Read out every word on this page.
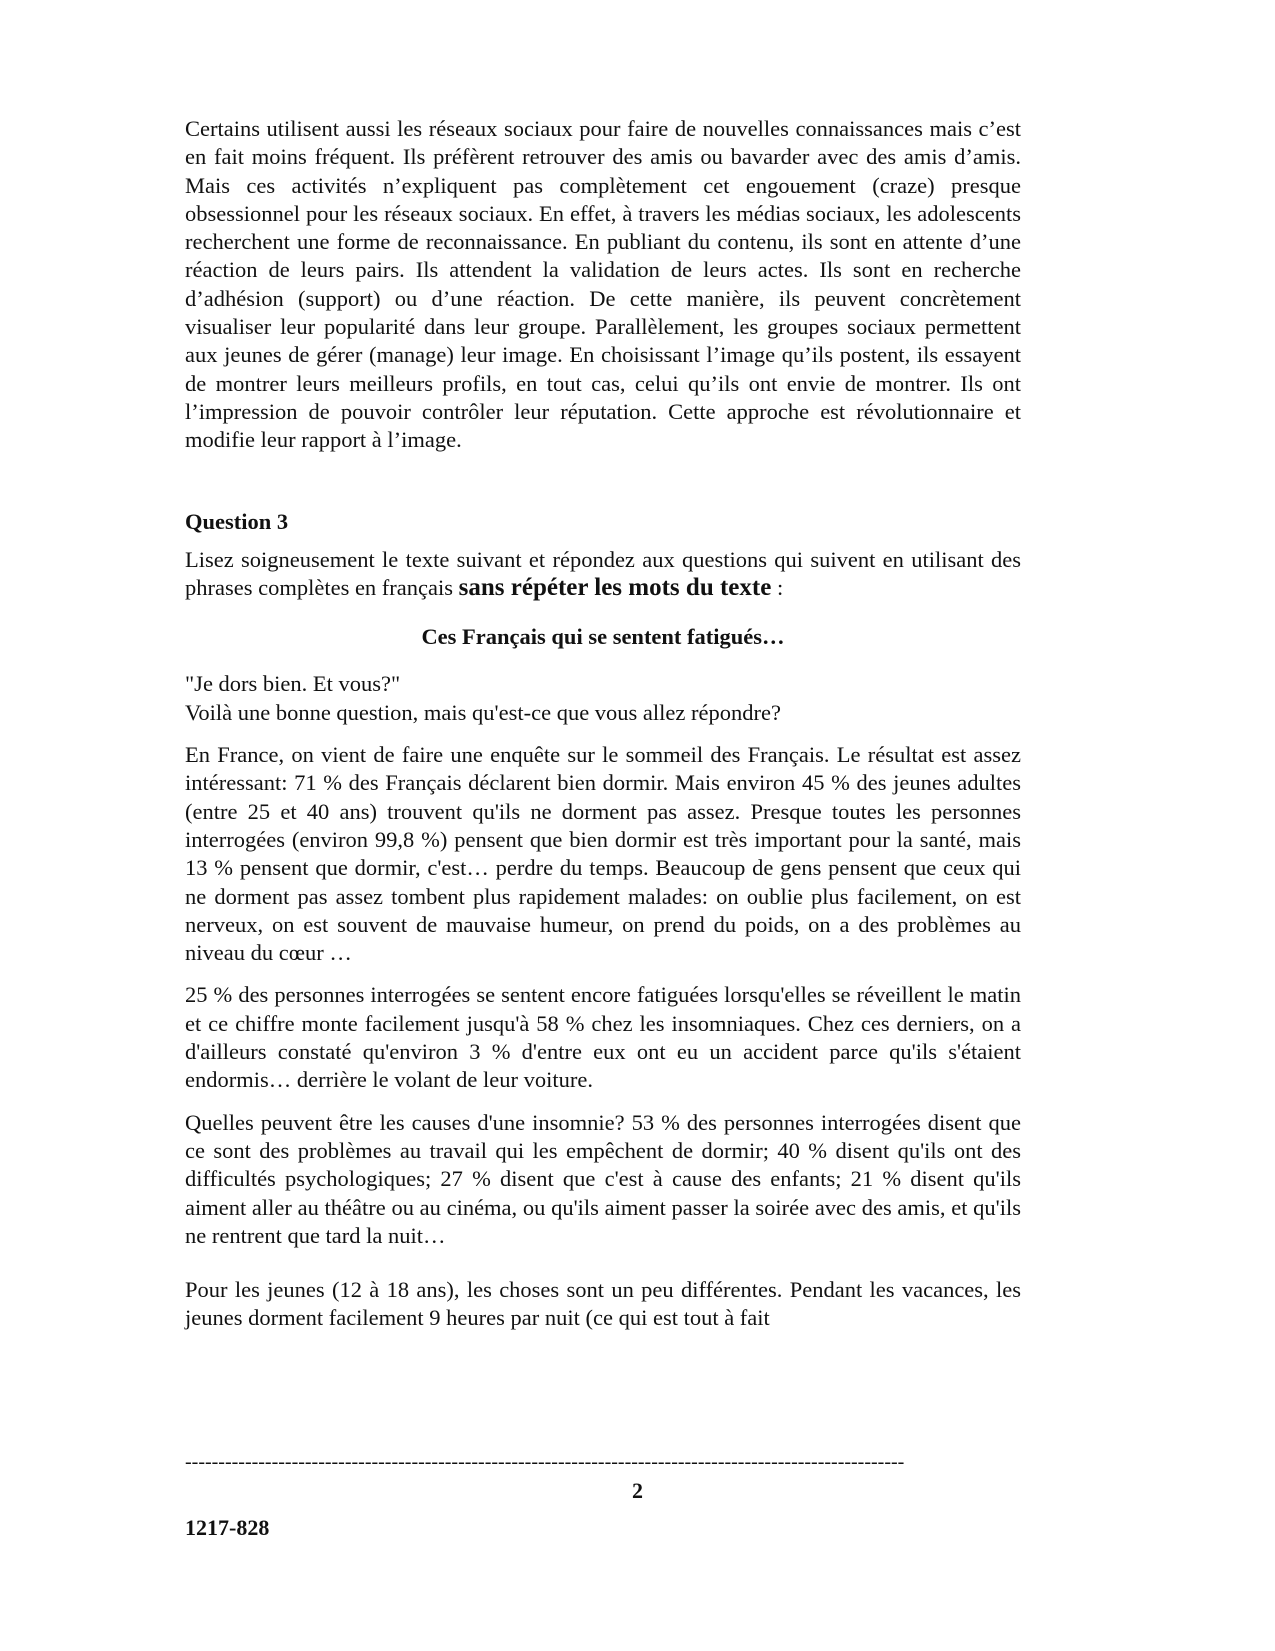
Certains utilisent aussi les réseaux sociaux pour faire de nouvelles connaissances mais c’est en fait moins fréquent. Ils préfèrent retrouver des amis ou bavarder avec des amis d’amis. Mais ces activités n’expliquent pas complètement cet engouement (craze) presque obsessionnel pour les réseaux sociaux. En effet, à travers les médias sociaux, les adolescents recherchent une forme de reconnaissance. En publiant du contenu, ils sont en attente d’une réaction de leurs pairs. Ils attendent la validation de leurs actes. Ils sont en recherche d’adhésion (support) ou d’une réaction. De cette manière, ils peuvent concrètement visualiser leur popularité dans leur groupe. Parallèlement, les groupes sociaux permettent aux jeunes de gérer (manage) leur image. En choisissant l’image qu’ils postent, ils essayent de montrer leurs meilleurs profils, en tout cas, celui qu’ils ont envie de montrer. Ils ont l’impression de pouvoir contrôler leur réputation. Cette approche est révolutionnaire et modifie leur rapport à l’image.

Question 3

Lisez soigneusement le texte suivant et répondez aux questions qui suivent en utilisant des phrases complètes en français sans répéter les mots du texte :

Ces Français qui se sentent fatigués…

"Je dors bien. Et vous?"
Voilà une bonne question, mais qu'est-ce que vous allez répondre?

En France, on vient de faire une enquête sur le sommeil des Français. Le résultat est assez intéressant: 71 % des Français déclarent bien dormir. Mais environ 45 % des jeunes adultes (entre 25 et 40 ans) trouvent qu'ils ne dorment pas assez. Presque toutes les personnes interrogées (environ 99,8 %) pensent que bien dormir est très important pour la santé, mais 13 % pensent que dormir, c'est… perdre du temps. Beaucoup de gens pensent que ceux qui ne dorment pas assez tombent plus rapidement malades: on oublie plus facilement, on est nerveux, on est souvent de mauvaise humeur, on prend du poids, on a des problèmes au niveau du cœur …

25 % des personnes interrogées se sentent encore fatiguées lorsqu'elles se réveillent le matin et ce chiffre monte facilement jusqu'à 58 % chez les insomniaques. Chez ces derniers, on a d'ailleurs constaté qu'environ 3 % d'entre eux ont eu un accident parce qu'ils s'étaient endormis… derrière le volant de leur voiture.

Quelles peuvent être les causes d'une insomnie? 53 % des personnes interrogées disent que ce sont des problèmes au travail qui les empêchent de dormir; 40 % disent qu'ils ont des difficultés psychologiques; 27 % disent que c'est à cause des enfants; 21 % disent qu'ils aiment aller au théâtre ou au cinéma, ou qu'ils aiment passer la soirée avec des amis, et qu'ils ne rentrent que tard la nuit…

Pour les jeunes (12 à 18 ans), les choses sont un peu différentes. Pendant les vacances, les jeunes dorment facilement 9 heures par nuit (ce qui est tout à fait

------------------------------------------------------------------------------------------------------------
2
1217-828
